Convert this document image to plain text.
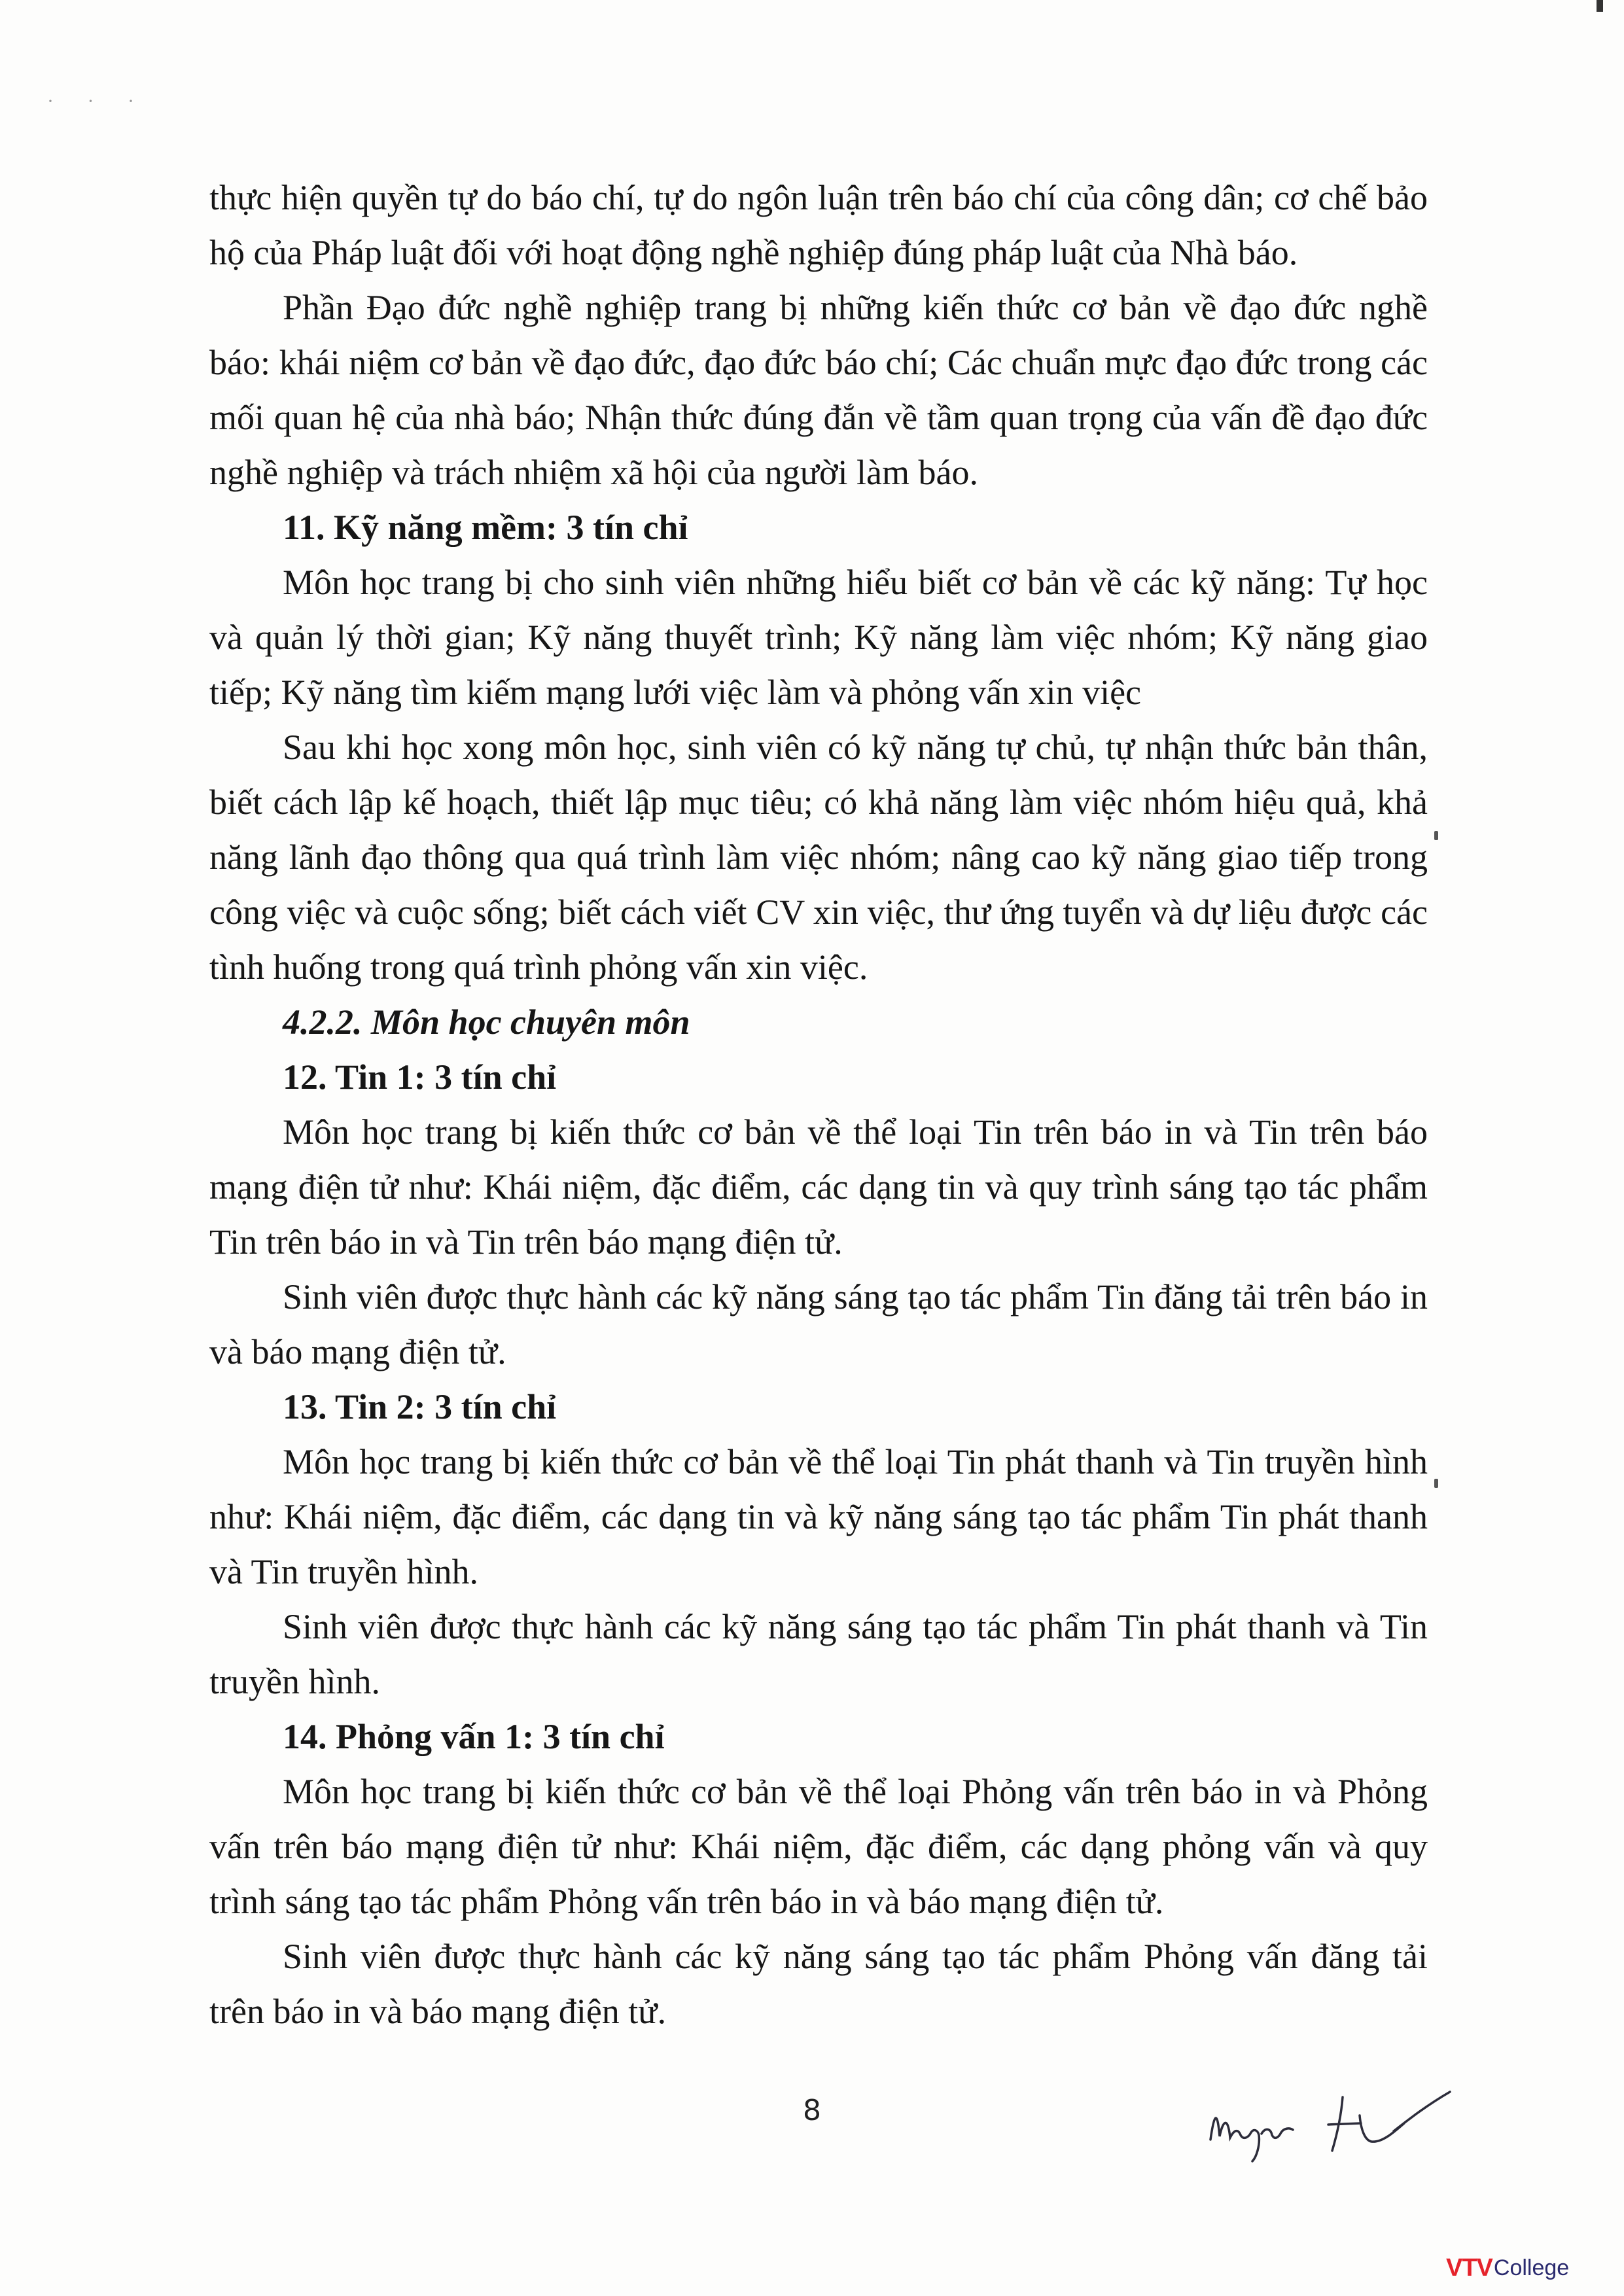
· · ·

thực hiện quyền tự do báo chí, tự do ngôn luận trên báo chí của công dân; cơ chế bảo hộ của Pháp luật đối với hoạt động nghề nghiệp đúng pháp luật của Nhà báo.

Phần Đạo đức nghề nghiệp trang bị những kiến thức cơ bản về đạo đức nghề báo: khái niệm cơ bản về đạo đức, đạo đức báo chí; Các chuẩn mực đạo đức trong các mối quan hệ của nhà báo; Nhận thức đúng đắn về tầm quan trọng của vấn đề đạo đức nghề nghiệp và trách nhiệm xã hội của người làm báo.

11. Kỹ năng mềm: 3 tín chỉ

Môn học trang bị cho sinh viên những hiểu biết cơ bản về các kỹ năng: Tự học và quản lý thời gian; Kỹ năng thuyết trình; Kỹ năng làm việc nhóm; Kỹ năng giao tiếp; Kỹ năng tìm kiếm mạng lưới việc làm và phỏng vấn xin việc

Sau khi học xong môn học, sinh viên có kỹ năng tự chủ, tự nhận thức bản thân, biết cách lập kế hoạch, thiết lập mục tiêu; có khả năng làm việc nhóm hiệu quả, khả năng lãnh đạo thông qua quá trình làm việc nhóm; nâng cao kỹ năng giao tiếp trong công việc và cuộc sống; biết cách viết CV xin việc, thư ứng tuyển và dự liệu được các tình huống trong quá trình phỏng vấn xin việc.

4.2.2. Môn học chuyên môn
12. Tin 1: 3 tín chỉ

Môn học trang bị kiến thức cơ bản về thể loại Tin trên báo in và Tin trên báo mạng điện tử như: Khái niệm, đặc điểm, các dạng tin và quy trình sáng tạo tác phẩm Tin trên báo in và Tin trên báo mạng điện tử.

Sinh viên được thực hành các kỹ năng sáng tạo tác phẩm Tin đăng tải trên báo in và báo mạng điện tử.

13. Tin 2: 3 tín chỉ

Môn học trang bị kiến thức cơ bản về thể loại Tin phát thanh và Tin truyền hình như: Khái niệm, đặc điểm, các dạng tin và kỹ năng sáng tạo tác phẩm Tin phát thanh và Tin truyền hình.

Sinh viên được thực hành các kỹ năng sáng tạo tác phẩm Tin phát thanh và Tin truyền hình.

14. Phỏng vấn 1: 3 tín chỉ

Môn học trang bị kiến thức cơ bản về thể loại Phỏng vấn trên báo in và Phỏng vấn trên báo mạng điện tử như: Khái niệm, đặc điểm, các dạng phỏng vấn và quy trình sáng tạo tác phẩm Phỏng vấn trên báo in và báo mạng điện tử.

Sinh viên được thực hành các kỹ năng sáng tạo tác phẩm Phỏng vấn đăng tải trên báo in và báo mạng điện tử.

8
VTV College
